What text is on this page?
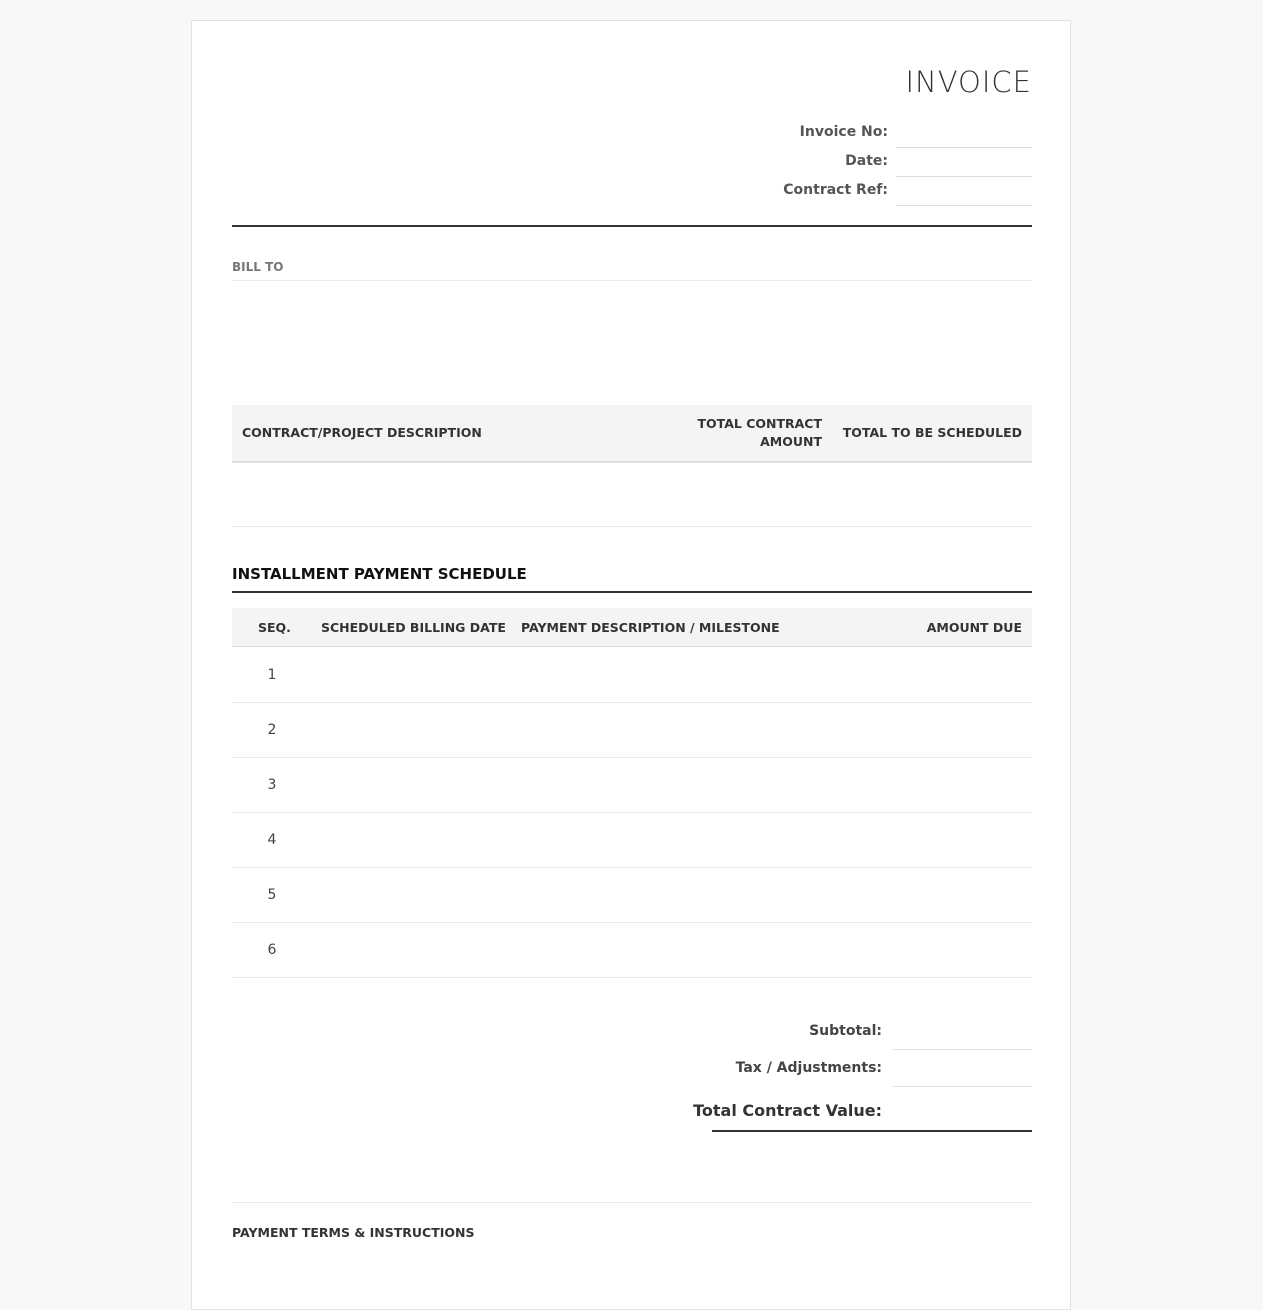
INVOICE
Invoice No:
Date:
Contract Ref:
BILL TO
CONTRACT/PROJECT DESCRIPTION
TOTAL CONTRACT
AMOUNT
TOTAL TO BE SCHEDULED
INSTALLMENT PAYMENT SCHEDULE
SEQ. SCHEDULED BILLING DATE PAYMENT DESCRIPTION / MILESTONE	AMOUNT DUE
1
2
3
4
5
6
Subtotal:
Tax / Adjustments:
Total Contract Value:
PAYMENT TERMS & INSTRUCTIONS
